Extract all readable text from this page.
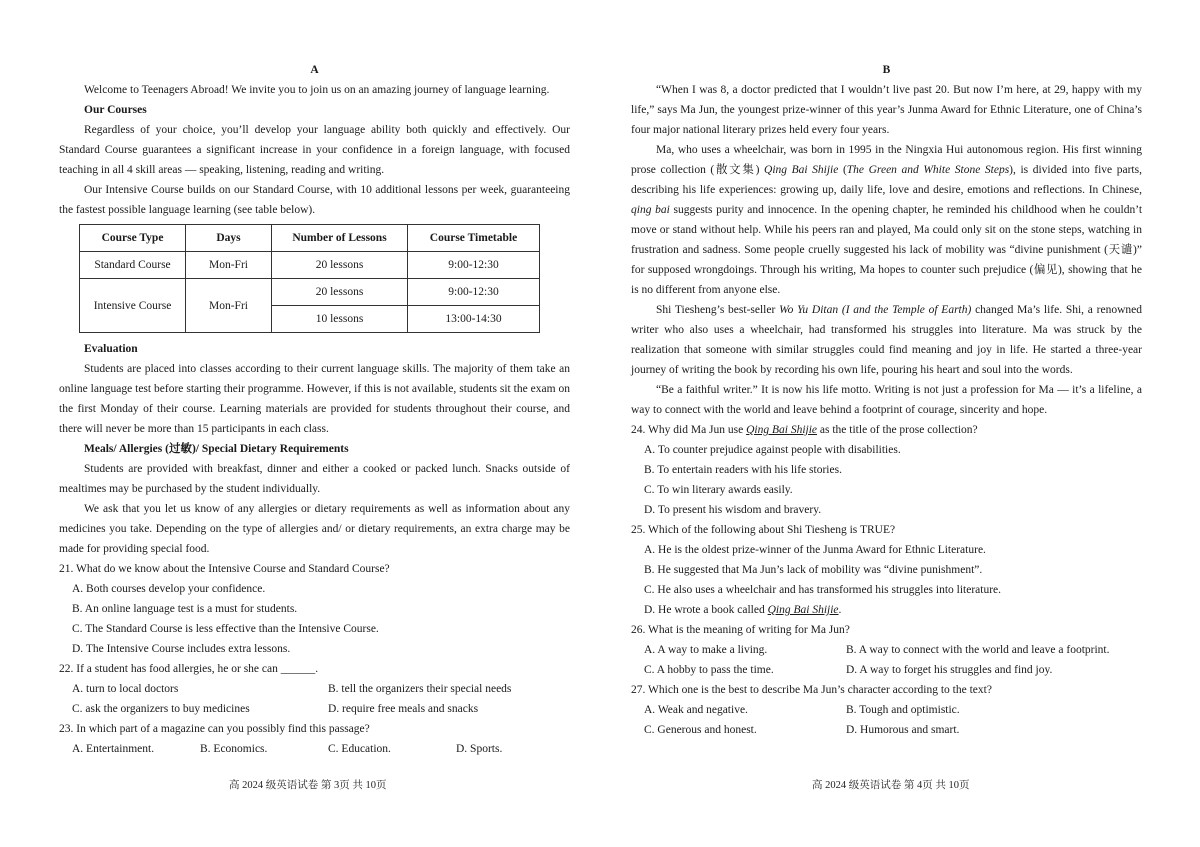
A

Welcome to Teenagers Abroad! We invite you to join us on an amazing journey of language learning.

Our Courses

Regardless of your choice, you’ll develop your language ability both quickly and effectively. Our Standard Course guarantees a significant increase in your confidence in a foreign language, with focused teaching in all 4 skill areas — speaking, listening, reading and writing.

Our Intensive Course builds on our Standard Course, with 10 additional lessons per week, guaranteeing the fastest possible language learning (see table below).

Course Type	Days	Number of Lessons	Course Timetable
Standard Course	Mon-Fri	20 lessons	9:00-12:30
Intensive Course	Mon-Fri	20 lessons	9:00-12:30
		10 lessons	13:00-14:30
Evaluation

Students are placed into classes according to their current language skills. The majority of them take an online language test before starting their programme. However, if this is not available, students sit the exam on the first Monday of their course. Learning materials are provided for students throughout their course, and there will never be more than 15 participants in each class.

Meals/ Allergies (过敏)/ Special Dietary Requirements

Students are provided with breakfast, dinner and either a cooked or packed lunch. Snacks outside of mealtimes may be purchased by the student individually.

We ask that you let us know of any allergies or dietary requirements as well as information about any medicines you take. Depending on the type of allergies and/ or dietary requirements, an extra charge may be made for providing special food.

21. What do we know about the Intensive Course and Standard Course?
A. Both courses develop your confidence.
B. An online language test is a must for students.
C. The Standard Course is less effective than the Intensive Course.
D. The Intensive Course includes extra lessons.
22. If a student has food allergies, he or she can ______.
A. turn to local doctors	B. tell the organizers their special needs
C. ask the organizers to buy medicines	D. require free meals and snacks
23. In which part of a magazine can you possibly find this passage?
A. Entertainment.	B. Economics.	C. Education.	D. Sports.
B

“When I was 8, a doctor predicted that I wouldn’t live past 20. But now I’m here, at 29, happy with my life,” says Ma Jun, the youngest prize-winner of this year’s Junma Award for Ethnic Literature, one of China’s four major national literary prizes held every four years.

Ma, who uses a wheelchair, was born in 1995 in the Ningxia Hui autonomous region. His first winning prose collection (散文集) Qing Bai Shijie (The Green and White Stone Steps), is divided into five parts, describing his life experiences: growing up, daily life, love and desire, emotions and reflections. In Chinese, qing bai suggests purity and innocence. In the opening chapter, he reminded his childhood when he couldn’t move or stand without help. While his peers ran and played, Ma could only sit on the stone steps, watching in frustration and sadness. Some people cruelly suggested his lack of mobility was “divine punishment (天谴)” for supposed wrongdoings. Through his writing, Ma hopes to counter such prejudice (偏见), showing that he is no different from anyone else.

Shi Tiesheng’s best-seller Wo Yu Ditan (I and the Temple of Earth) changed Ma’s life. Shi, a renowned writer who also uses a wheelchair, had transformed his struggles into literature. Ma was struck by the realization that someone with similar struggles could find meaning and joy in life. He started a three-year journey of writing the book by recording his own life, pouring his heart and soul into the words.

“Be a faithful writer.” It is now his life motto. Writing is not just a profession for Ma — it’s a lifeline, a way to connect with the world and leave behind a footprint of courage, sincerity and hope.

24. Why did Ma Jun use Qing Bai Shijie as the title of the prose collection?
A. To counter prejudice against people with disabilities.
B. To entertain readers with his life stories.
C. To win literary awards easily.
D. To present his wisdom and bravery.
25. Which of the following about Shi Tiesheng is TRUE?
A. He is the oldest prize-winner of the Junma Award for Ethnic Literature.
B. He suggested that Ma Jun’s lack of mobility was “divine punishment”.
C. He also uses a wheelchair and has transformed his struggles into literature.
D. He wrote a book called Qing Bai Shijie.
26. What is the meaning of writing for Ma Jun?
A. A way to make a living.	B. A way to connect with the world and leave a footprint.
C. A hobby to pass the time.	D. A way to forget his struggles and find joy.
27. Which one is the best to describe Ma Jun’s character according to the text?
A. Weak and negative.	B. Tough and optimistic.
C. Generous and honest.	D. Humorous and smart.
高 2024 级英语试卷 第 3页 共 10页	高 2024 级英语试卷 第 4页 共 10页
